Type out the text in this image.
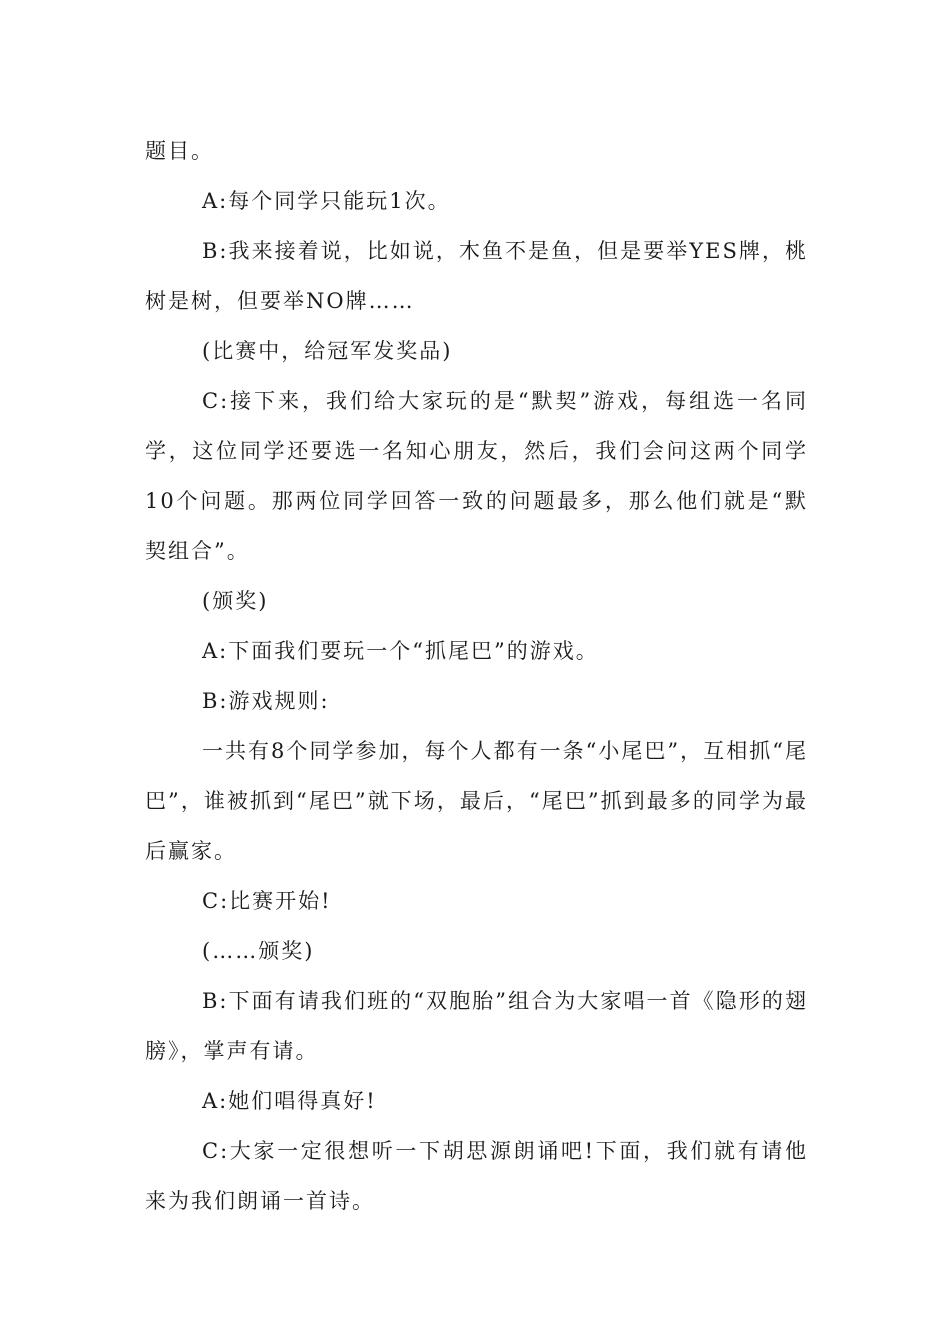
题目。

A:每个同学只能玩1次。

B:我来接着说，比如说，木鱼不是鱼，但是要举YES牌，桃树是树，但要举NO牌……

(比赛中，给冠军发奖品)

C:接下来，我们给大家玩的是“默契”游戏，每组选一名同学，这位同学还要选一名知心朋友，然后，我们会问这两个同学10个问题。那两位同学回答一致的问题最多，那么他们就是“默契组合”。

(颁奖)

A:下面我们要玩一个“抓尾巴”的游戏。

B:游戏规则:

一共有8个同学参加，每个人都有一条“小尾巴”，互相抓“尾巴”，谁被抓到“尾巴”就下场，最后，“尾巴”抓到最多的同学为最后赢家。

C:比赛开始!

(……颁奖)

B:下面有请我们班的“双胞胎”组合为大家唱一首《隐形的翅膀》，掌声有请。

A:她们唱得真好!

C:大家一定很想听一下胡思源朗诵吧!下面，我们就有请他来为我们朗诵一首诗。
